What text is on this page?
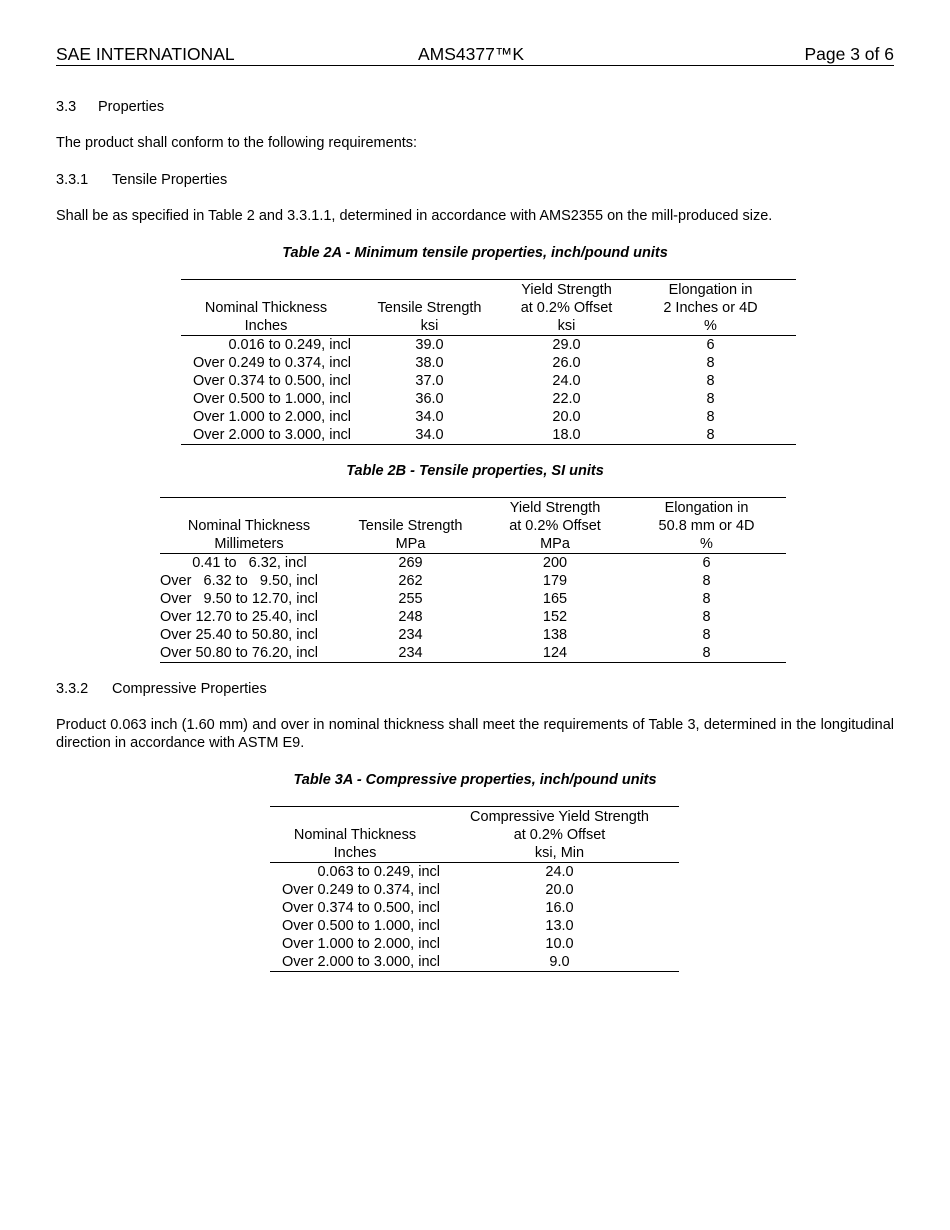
SAE INTERNATIONAL	AMS4377™K	Page 3 of 6

3.3 Properties

The product shall conform to the following requirements:

3.3.1 Tensile Properties

Shall be as specified in Table 2 and 3.3.1.1, determined in accordance with AMS2355 on the mill-produced size.

Table 2A - Minimum tensile properties, inch/pound units
		Yield Strength	Elongation in
Nominal Thickness	Tensile Strength	at 0.2% Offset	2 Inches or 4D
Inches	ksi	ksi	%
0.016 to 0.249, incl	39.0	29.0	6
Over 0.249 to 0.374, incl	38.0	26.0	8
Over 0.374 to 0.500, incl	37.0	24.0	8
Over 0.500 to 1.000, incl	36.0	22.0	8
Over 1.000 to 2.000, incl	34.0	20.0	8
Over 2.000 to 3.000, incl	34.0	18.0	8
Table 2B - Tensile properties, SI units
		Yield Strength	Elongation in
Nominal Thickness	Tensile Strength	at 0.2% Offset	50.8 mm or 4D
Millimeters	MPa	MPa	%
0.41 to   6.32, incl	269	200	6
Over   6.32 to   9.50, incl	262	179	8
Over   9.50 to 12.70, incl	255	165	8
Over 12.70 to 25.40, incl	248	152	8
Over 25.40 to 50.80, incl	234	138	8
Over 50.80 to 76.20, incl	234	124	8

3.3.2 Compressive Properties

Product 0.063 inch (1.60 mm) and over in nominal thickness shall meet the requirements of Table 3, determined in the longitudinal direction in accordance with ASTM E9.

Table 3A - Compressive properties, inch/pound units
	Compressive Yield Strength
Nominal Thickness	at 0.2% Offset
Inches	ksi, Min
0.063 to 0.249, incl	24.0
Over 0.249 to 0.374, incl	20.0
Over 0.374 to 0.500, incl	16.0
Over 0.500 to 1.000, incl	13.0
Over 1.000 to 2.000, incl	10.0
Over 2.000 to 3.000, incl	9.0
